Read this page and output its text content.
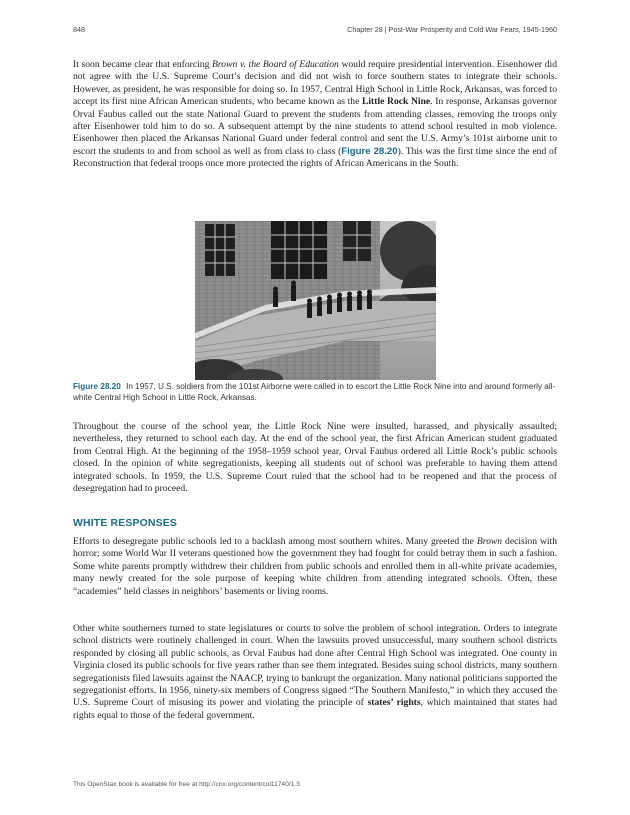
848	Chapter 28 | Post-War Prosperity and Cold War Fears, 1945-1960

It soon became clear that enforcing Brown v. the Board of Education would require presidential intervention. Eisenhower did not agree with the U.S. Supreme Court’s decision and did not wish to force southern states to integrate their schools. However, as president, he was responsible for doing so. In 1957, Central High School in Little Rock, Arkansas, was forced to accept its first nine African American students, who became known as the Little Rock Nine. In response, Arkansas governor Orval Faubus called out the state National Guard to prevent the students from attending classes, removing the troops only after Eisenhower told him to do so. A subsequent attempt by the nine students to attend school resulted in mob violence. Eisenhower then placed the Arkansas National Guard under federal control and sent the U.S. Army’s 101st airborne unit to escort the students to and from school as well as from class to class (Figure 28.20). This was the first time since the end of Reconstruction that federal troops once more protected the rights of African Americans in the South.

Figure 28.20 In 1957, U.S. soldiers from the 101st Airborne were called in to escort the Little Rock Nine into and around formerly all-white Central High School in Little Rock, Arkansas.

Throughout the course of the school year, the Little Rock Nine were insulted, harassed, and physically assaulted; nevertheless, they returned to school each day. At the end of the school year, the first African American student graduated from Central High. At the beginning of the 1958–1959 school year, Orval Faubus ordered all Little Rock’s public schools closed. In the opinion of white segregationists, keeping all students out of school was preferable to having them attend integrated schools. In 1959, the U.S. Supreme Court ruled that the school had to be reopened and that the process of desegregation had to proceed.

WHITE RESPONSES

Efforts to desegregate public schools led to a backlash among most southern whites. Many greeted the Brown decision with horror; some World War II veterans questioned how the government they had fought for could betray them in such a fashion. Some white parents promptly withdrew their children from public schools and enrolled them in all-white private academies, many newly created for the sole purpose of keeping white children from attending integrated schools. Often, these “academies” held classes in neighbors’ basements or living rooms.

Other white southerners turned to state legislatures or courts to solve the problem of school integration. Orders to integrate school districts were routinely challenged in court. When the lawsuits proved unsuccessful, many southern school districts responded by closing all public schools, as Orval Faubus had done after Central High School was integrated. One county in Virginia closed its public schools for five years rather than see them integrated. Besides suing school districts, many southern segregationists filed lawsuits against the NAACP, trying to bankrupt the organization. Many national politicians supported the segregationist efforts. In 1956, ninety-six members of Congress signed “The Southern Manifesto,” in which they accused the U.S. Supreme Court of misusing its power and violating the principle of states’ rights, which maintained that states had rights equal to those of the federal government.

This OpenStax book is available for free at http://cnx.org/content/col11740/1.3
